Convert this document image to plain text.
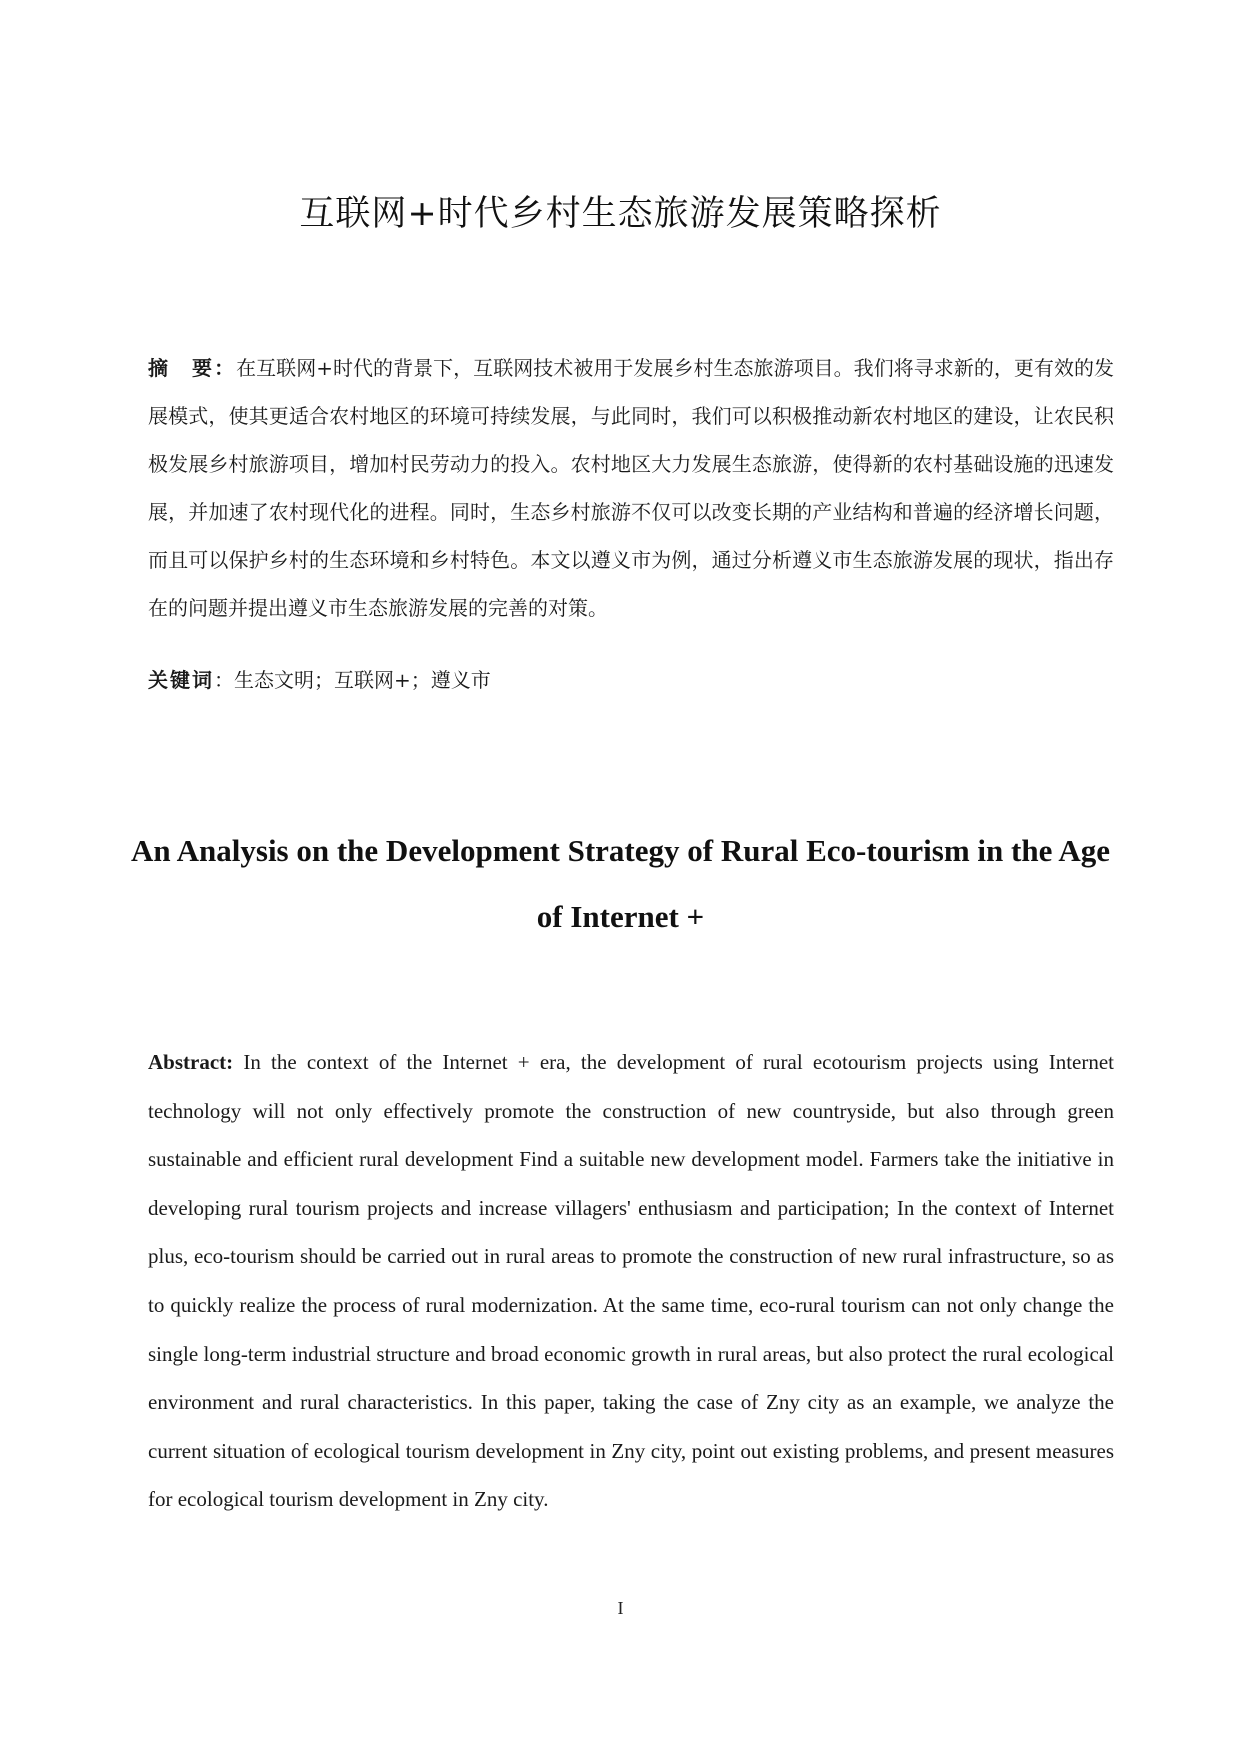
互联网+时代乡村生态旅游发展策略探析
摘　要：在互联网+时代的背景下，互联网技术被用于发展乡村生态旅游项目。我们将寻求新的，更有效的发展模式，使其更适合农村地区的环境可持续发展，与此同时，我们可以积极推动新农村地区的建设，让农民积极发展乡村旅游项目，增加村民劳动力的投入。农村地区大力发展生态旅游，使得新的农村基础设施的迅速发展，并加速了农村现代化的进程。同时，生态乡村旅游不仅可以改变长期的产业结构和普遍的经济增长问题，而且可以保护乡村的生态环境和乡村特色。本文以遵义市为例，通过分析遵义市生态旅游发展的现状，指出存在的问题并提出遵义市生态旅游发展的完善的对策。
关键词：生态文明；互联网+；遵义市
An Analysis on the Development Strategy of Rural Eco-tourism in the Age of Internet +
Abstract: In the context of the Internet + era, the development of rural ecotourism projects using Internet technology will not only effectively promote the construction of new countryside, but also through green sustainable and efficient rural development Find a suitable new development model. Farmers take the initiative in developing rural tourism projects and increase villagers' enthusiasm and participation; In the context of Internet plus, eco-tourism should be carried out in rural areas to promote the construction of new rural infrastructure, so as to quickly realize the process of rural modernization. At the same time, eco-rural tourism can not only change the single long-term industrial structure and broad economic growth in rural areas, but also protect the rural ecological environment and rural characteristics. In this paper, taking the case of Zny city as an example, we analyze the current situation of ecological tourism development in Zny city, point out existing problems, and present measures for ecological tourism development in Zny city.
I
